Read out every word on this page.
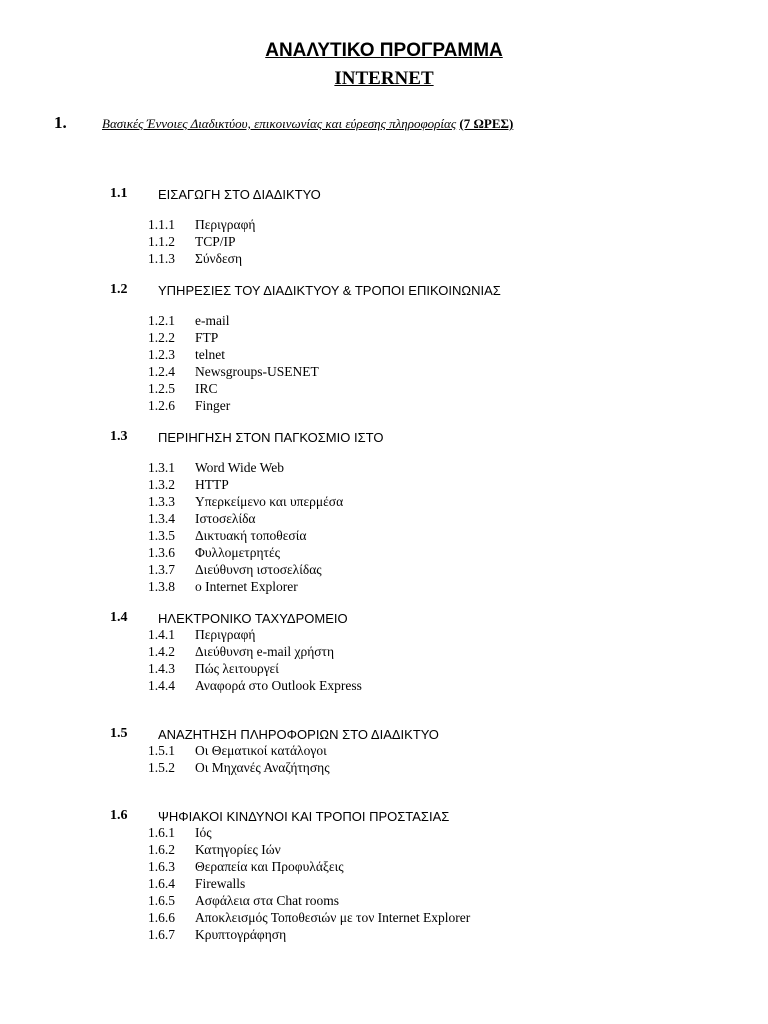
ΑΝΑΛΥΤΙΚΟ ΠΡΟΓΡΑΜΜΑ
INTERNET
1.	Βασικές Έννοιες Διαδικτύου, επικοινωνίας και εύρεσης πληροφορίας (7 ΩΡΕΣ)
1.1 ΕΙΣΑΓΩΓΗ ΣΤΟ ΔΙΑΔΙΚΤΥΟ
1.1.1 Περιγραφή
1.1.2 TCP/IP
1.1.3 Σύνδεση
1.2 ΥΠΗΡΕΣΙΕΣ ΤΟΥ ΔΙΑΔΙΚΤΥΟΥ & ΤΡΟΠΟΙ ΕΠΙΚΟΙΝΩΝΙΑΣ
1.2.1 e-mail
1.2.2 FTP
1.2.3 telnet
1.2.4 Newsgroups-USENET
1.2.5 IRC
1.2.6 Finger
1.3 ΠΕΡΙΗΓΗΣΗ ΣΤΟΝ ΠΑΓΚΟΣΜΙΟ ΙΣΤΟ
1.3.1 Word Wide Web
1.3.2 HTTP
1.3.3 Υπερκείμενο και υπερμέσα
1.3.4 Ιστοσελίδα
1.3.5 Δικτυακή τοποθεσία
1.3.6 Φυλλομετρητές
1.3.7 Διεύθυνση ιστοσελίδας
1.3.8 ο Internet Explorer
1.4 ΗΛΕΚΤΡΟΝΙΚΟ ΤΑΧΥΔΡΟΜΕΙΟ
1.4.1 Περιγραφή
1.4.2 Διεύθυνση e-mail χρήστη
1.4.3 Πώς λειτουργεί
1.4.4 Αναφορά στο Outlook Express
1.5 ΑΝΑΖΗΤΗΣΗ ΠΛΗΡΟΦΟΡΙΩΝ ΣΤΟ ΔΙΑΔΙΚΤΥΟ
1.5.1 Οι Θεματικοί κατάλογοι
1.5.2 Οι Μηχανές Αναζήτησης
1.6 ΨΗΦΙΑΚΟΙ ΚΙΝΔΥΝΟΙ ΚΑΙ ΤΡΟΠΟΙ ΠΡΟΣΤΑΣΙΑΣ
1.6.1 Ιός
1.6.2 Κατηγορίες Ιών
1.6.3 Θεραπεία και Προφυλάξεις
1.6.4 Firewalls
1.6.5 Ασφάλεια στα Chat rooms
1.6.6 Αποκλεισμός Τοποθεσιών με τον Internet Explorer
1.6.7 Κρυπτογράφηση
